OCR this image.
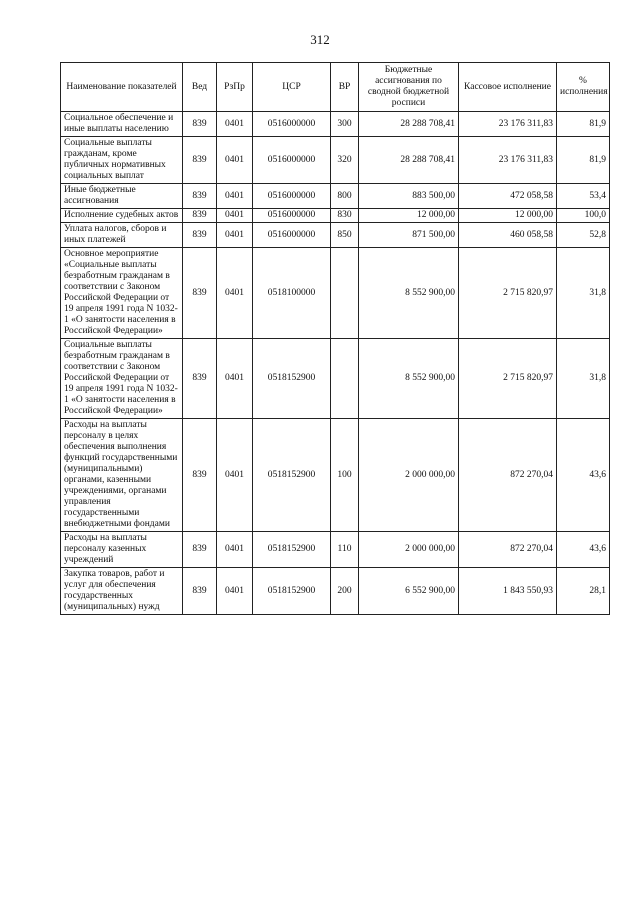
312
Наименование показателей	Вед	РзПр	ЦСР	ВР	Бюджетные ассигнования по сводной бюджетной росписи	Кассовое исполнение	% исполнения
Социальное обеспечение и иные выплаты населению	839	0401	0516000000	300	28 288 708,41	23 176 311,83	81,9
Социальные выплаты гражданам, кроме публичных нормативных социальных выплат	839	0401	0516000000	320	28 288 708,41	23 176 311,83	81,9
Иные бюджетные ассигнования	839	0401	0516000000	800	883 500,00	472 058,58	53,4
Исполнение судебных актов	839	0401	0516000000	830	12 000,00	12 000,00	100,0
Уплата налогов, сборов и иных платежей	839	0401	0516000000	850	871 500,00	460 058,58	52,8
Основное мероприятие «Социальные выплаты безработным гражданам в соответствии с Законом Российской Федерации от 19 апреля 1991 года N 1032-1 «О занятости населения в Российской Федерации»	839	0401	0518100000		8 552 900,00	2 715 820,97	31,8
Социальные выплаты безработным гражданам в соответствии с Законом Российской Федерации от 19 апреля 1991 года N 1032-1 «О занятости населения в Российской Федерации»	839	0401	0518152900		8 552 900,00	2 715 820,97	31,8
Расходы на выплаты персоналу в целях обеспечения выполнения функций государственными (муниципальными) органами, казенными учреждениями, органами управления государственными внебюджетными фондами	839	0401	0518152900	100	2 000 000,00	872 270,04	43,6
Расходы на выплаты персоналу казенных учреждений	839	0401	0518152900	110	2 000 000,00	872 270,04	43,6
Закупка товаров, работ и услуг для обеспечения государственных (муниципальных) нужд	839	0401	0518152900	200	6 552 900,00	1 843 550,93	28,1
